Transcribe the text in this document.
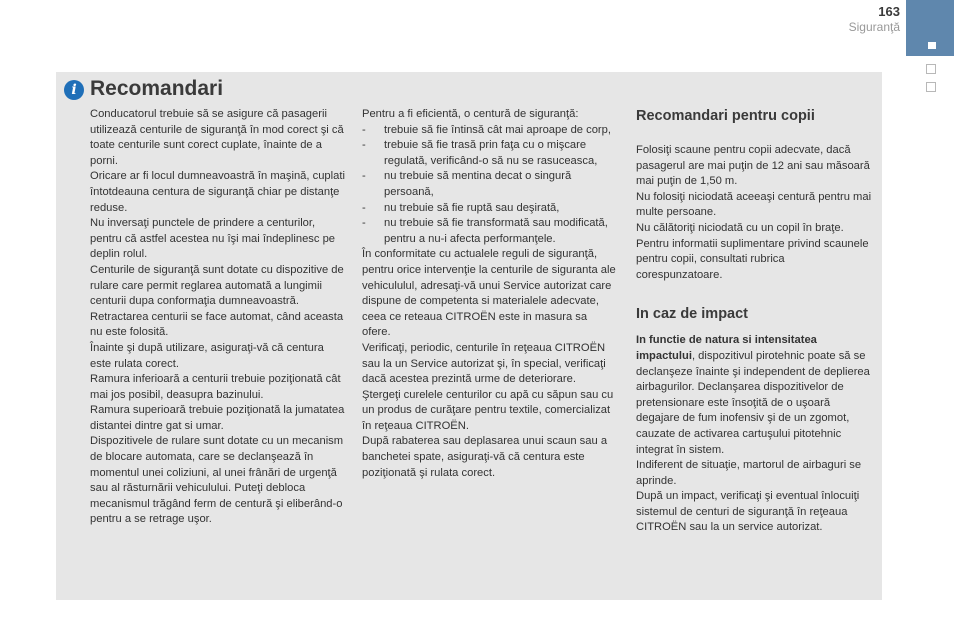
163
Siguranţă
i Recomandari

Conducatorul trebuie să se asigure că pasagerii utilizează centurile de siguranţă în mod corect şi că toate centurile sunt corect cuplate, înainte de a porni.

Oricare ar fi locul dumneavoastră în maşină, cuplati întotdeauna centura de siguranţă chiar pe distanţe reduse.

Nu inversaţi punctele de prindere a centurilor, pentru că astfel acestea nu îşi mai îndeplinesc pe deplin rolul.

Centurile de siguranţă sunt dotate cu dispozitive de rulare care permit reglarea automată a lungimii centurii dupa conformaţia dumneavoastră. Retractarea centurii se face automat, când aceasta nu este folosită.

Înainte şi după utilizare, asiguraţi-vă că centura este rulata corect.

Ramura inferioară a centurii trebuie poziţionată cât mai jos posibil, deasupra bazinului.

Ramura superioară trebuie poziţionată la jumatatea distantei dintre gat si umar.

Dispozitivele de rulare sunt dotate cu un mecanism de blocare automata, care se declanşează în momentul unei coliziuni, al unei frânări de urgenţă sau al răsturnării vehiculului. Puteţi debloca mecanismul trăgând ferm de centură şi eliberând-o pentru a se retrage uşor.

Pentru a fi eficientă, o centură de siguranţă:

-	trebuie să fie întinsă cât mai aproape de corp,
-	trebuie să fie trasă prin faţa cu o mişcare regulată, verificând-o să nu se rasuceasca,
-	nu trebuie să mentina decat o singură persoană,
-	nu trebuie să fie ruptă sau deşirată,
-	nu trebuie să fie transformată sau modificată, pentru a nu-i afecta performanţele.

În conformitate cu actualele reguli de siguranţă, pentru orice intervenţie la centurile de siguranta ale vehicululul, adresaţi-vă unui Service autorizat care dispune de competenta si materialele adecvate, ceea ce reteaua CITROËN este in masura sa ofere.

Verificaţi, periodic, centurile în reţeaua CITROËN sau la un Service autorizat şi, în special, verificaţi dacă acestea prezintă urme de deteriorare.

Ştergeţi curelele centurilor cu apă cu săpun sau cu un produs de curăţare pentru textile, comercializat în reţeaua CITROËN.

După rabaterea sau deplasarea unui scaun sau a banchetei spate, asiguraţi-vă că centura este poziţionată şi rulata corect.

Recomandari pentru copii

Folosiţi scaune pentru copii adecvate, dacă pasagerul are mai puţin de 12 ani sau măsoară mai puţin de 1,50 m.

Nu folosiţi niciodată aceeaşi centură pentru mai multe persoane.

Nu călătoriţi niciodată cu un copil în braţe.

Pentru informatii suplimentare privind scaunele pentru copii, consultati rubrica corespunzatoare.

In caz de impact

In functie de natura si intensitatea impactului, dispozitivul pirotehnic poate să se declanşeze înainte şi independent de deplierea airbagurilor. Declanşarea dispozitivelor de pretensionare este însoţită de o uşoară degajare de fum inofensiv şi de un zgomot, cauzate de activarea cartuşului pitotehnic integrat în sistem.

Indiferent de situaţie, martorul de airbaguri se aprinde.

După un impact, verificaţi şi eventual înlocuiţi sistemul de centuri de siguranţă în reţeaua CITROËN sau la un service autorizat.
